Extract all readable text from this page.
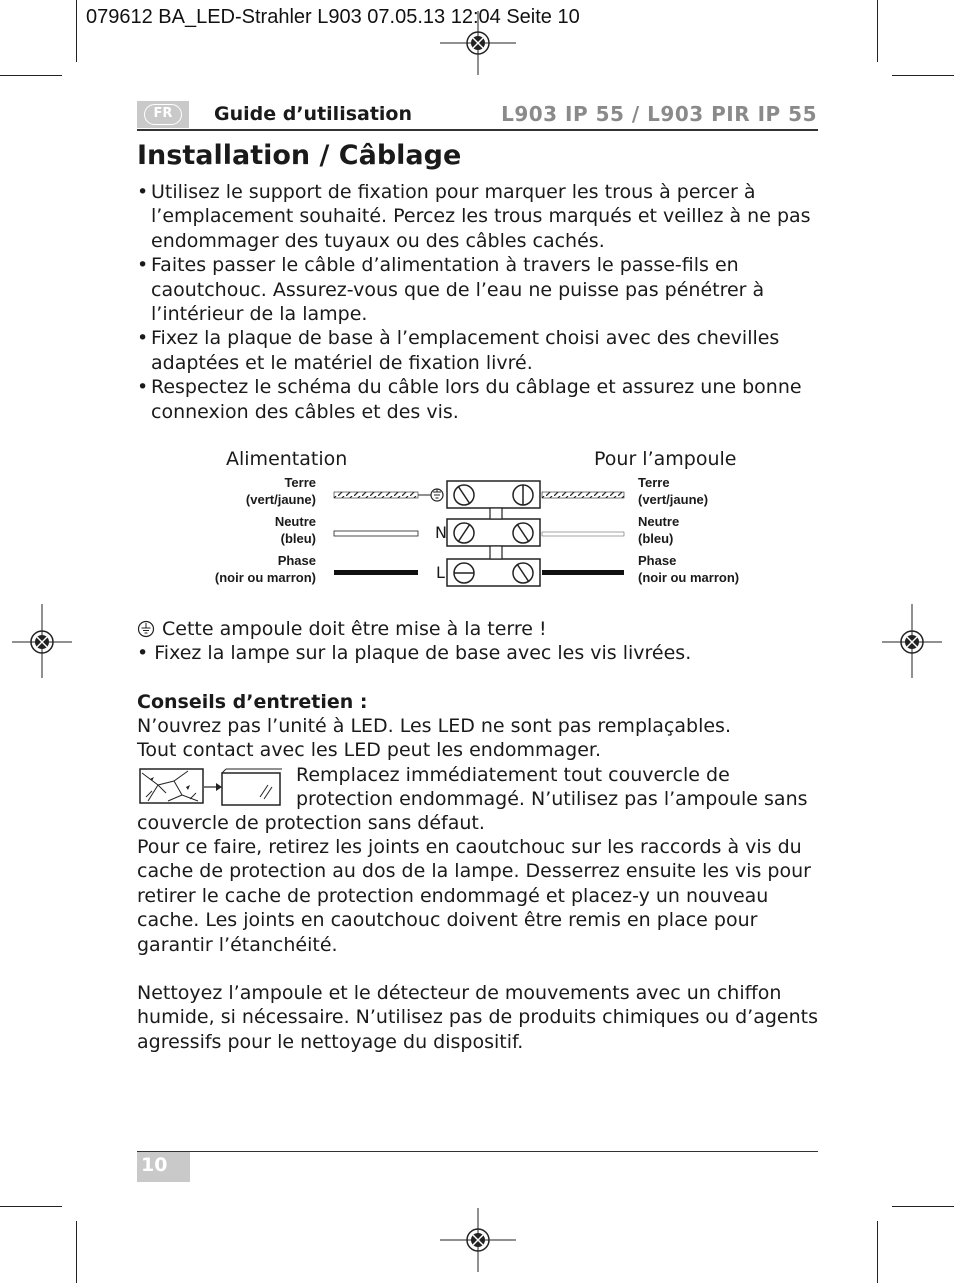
079612 BA_LED-Strahler L903 07.05.13 12:04 Seite 10
FR	Guide d’utilisation	L903 IP 55 / L903 PIR IP 55
Installation / Câblage
• Utilisez le support de fixation pour marquer les trous à percer à
l’emplacement souhaité. Percez les trous marqués et veillez à ne pas
endommager des tuyaux ou des câbles cachés.
• Faites passer le câble d’alimentation à travers le passe-fils en
caoutchouc. Assurez-vous que de l’eau ne puisse pas pénétrer à
l’intérieur de la lampe.
• Fixez la plaque de base à l’emplacement choisi avec des chevilles
adaptées et le matériel de fixation livré.
• Respectez le schéma du câble lors du câblage et assurez une bonne
connexion des câbles et des vis.
Alimentation	Pour l’ampoule
Terre
(vert/jaune)
Neutre
(bleu)
Phase
(noir ou marron)
Terre
(vert/jaune)
Neutre
(bleu)
Phase
(noir ou marron)
N
L
Cette ampoule doit être mise à la terre !
• Fixez la lampe sur la plaque de base avec les vis livrées.
Conseils d’entretien :
N’ouvrez pas l’unité à LED. Les LED ne sont pas remplaçables.
Tout contact avec les LED peut les endommager.
Remplacez immédiatement tout couvercle de
protection endommagé. N’utilisez pas l’ampoule sans
couvercle de protection sans défaut.
Pour ce faire, retirez les joints en caoutchouc sur les raccords à vis du
cache de protection au dos de la lampe. Desserrez ensuite les vis pour
retirer le cache de protection endommagé et placez-y un nouveau
cache. Les joints en caoutchouc doivent être remis en place pour
garantir l’étanchéité.
Nettoyez l’ampoule et le détecteur de mouvements avec un chiffon
humide, si nécessaire. N’utilisez pas de produits chimiques ou d’agents
agressifs pour le nettoyage du dispositif.
10
